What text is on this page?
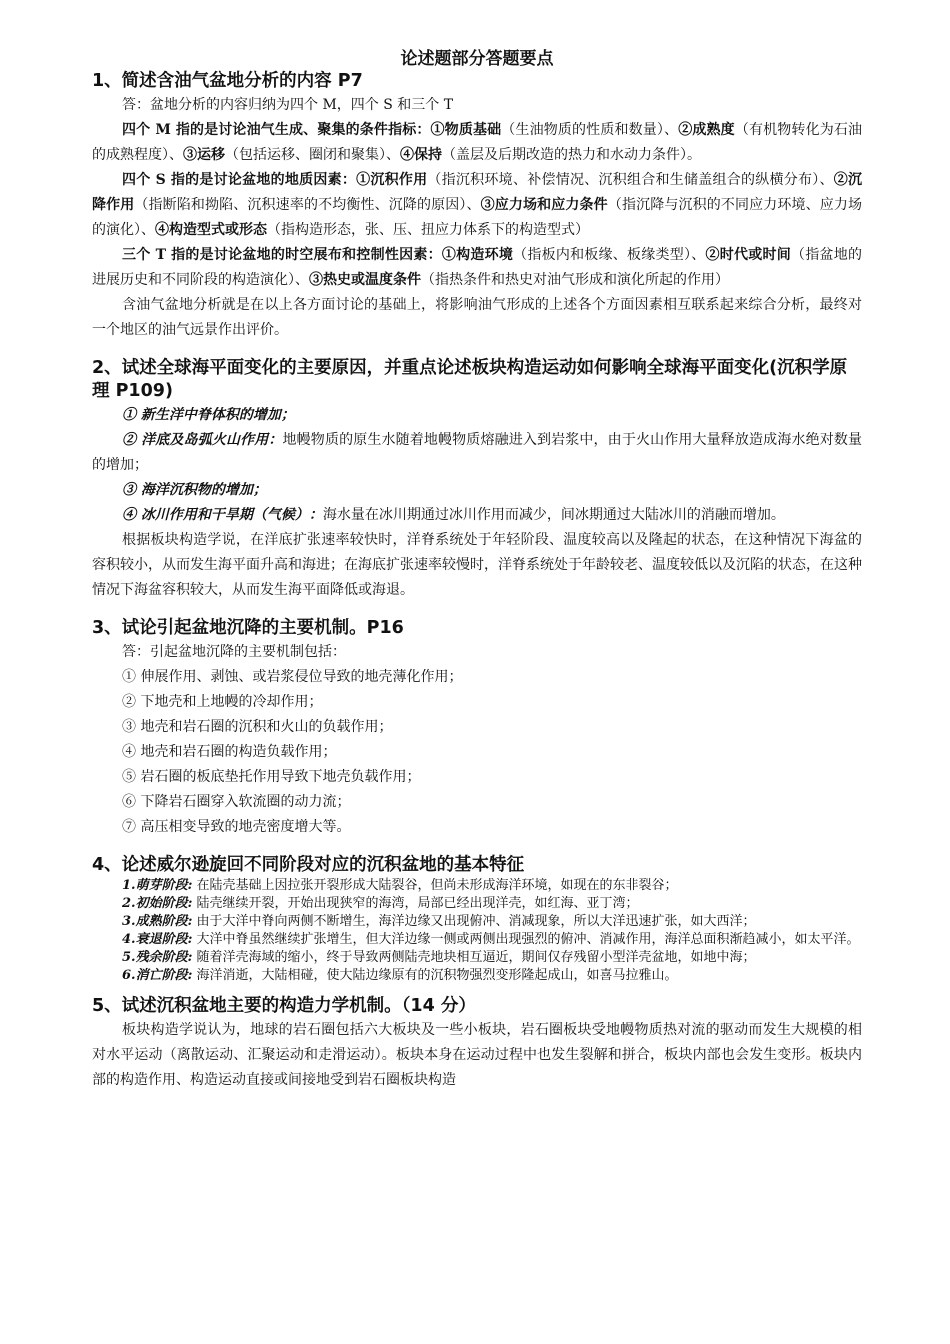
论述题部分答题要点

1、简述含油气盆地分析的内容 P7

答：盆地分析的内容归纳为四个 M，四个 S 和三个 T

四个 M 指的是讨论油气生成、聚集的条件指标：①物质基础（生油物质的性质和数量）、②成熟度（有机物转化为石油的成熟程度）、③运移（包括运移、圈闭和聚集）、④保持（盖层及后期改造的热力和水动力条件）。

四个 S 指的是讨论盆地的地质因素：①沉积作用（指沉积环境、补偿情况、沉积组合和生储盖组合的纵横分布）、②沉降作用（指断陷和拗陷、沉积速率的不均衡性、沉降的原因）、③应力场和应力条件（指沉降与沉积的不同应力环境、应力场的演化）、④构造型式或形态（指构造形态，张、压、扭应力体系下的构造型式）

三个 T 指的是讨论盆地的时空展布和控制性因素：①构造环境（指板内和板缘、板缘类型）、②时代或时间（指盆地的进展历史和不同阶段的构造演化）、③热史或温度条件（指热条件和热史对油气形成和演化所起的作用）

含油气盆地分析就是在以上各方面讨论的基础上，将影响油气形成的上述各个方面因素相互联系起来综合分析，最终对一个地区的油气远景作出评价。

2、试述全球海平面变化的主要原因，并重点论述板块构造运动如何影响全球海平面变化(沉积学原理 P109)

① 新生洋中脊体积的增加；

② 洋底及岛弧火山作用：地幔物质的原生水随着地幔物质熔融进入到岩浆中，由于火山作用大量释放造成海水绝对数量的增加；

③ 海洋沉积物的增加；

④ 冰川作用和干旱期（气候）：海水量在冰川期通过冰川作用而减少，间冰期通过大陆冰川的消融而增加。

根据板块构造学说，在洋底扩张速率较快时，洋脊系统处于年轻阶段、温度较高以及隆起的状态，在这种情况下海盆的容积较小，从而发生海平面升高和海进；在海底扩张速率较慢时，洋脊系统处于年龄较老、温度较低以及沉陷的状态，在这种情况下海盆容积较大，从而发生海平面降低或海退。

3、试论引起盆地沉降的主要机制。P16

答：引起盆地沉降的主要机制包括：

① 伸展作用、剥蚀、或岩浆侵位导致的地壳薄化作用；

② 下地壳和上地幔的冷却作用；

③ 地壳和岩石圈的沉积和火山的负载作用；

④ 地壳和岩石圈的构造负载作用；

⑤ 岩石圈的板底垫托作用导致下地壳负载作用；

⑥ 下降岩石圈穿入软流圈的动力流；

⑦ 高压相变导致的地壳密度增大等。

4、论述威尔逊旋回不同阶段对应的沉积盆地的基本特征

1.萌芽阶段: 在陆壳基础上因拉张开裂形成大陆裂谷，但尚未形成海洋环境，如现在的东非裂谷；

2.初始阶段: 陆壳继续开裂，开始出现狭窄的海湾，局部已经出现洋壳，如红海、亚丁湾；

3.成熟阶段: 由于大洋中脊向两侧不断增生，海洋边缘又出现俯冲、消减现象，所以大洋迅速扩张，如大西洋；

4.衰退阶段: 大洋中脊虽然继续扩张增生，但大洋边缘一侧或两侧出现强烈的俯冲、消减作用，海洋总面积渐趋减小，如太平洋。

5.残余阶段: 随着洋壳海域的缩小，终于导致两侧陆壳地块相互逼近，期间仅存残留小型洋壳盆地，如地中海；

6.消亡阶段: 海洋消逝，大陆相碰，使大陆边缘原有的沉积物强烈变形隆起成山，如喜马拉雅山。

5、试述沉积盆地主要的构造力学机制。（14 分）

板块构造学说认为，地球的岩石圈包括六大板块及一些小板块，岩石圈板块受地幔物质热对流的驱动而发生大规模的相对水平运动（离散运动、汇聚运动和走滑运动）。板块本身在运动过程中也发生裂解和拼合，板块内部也会发生变形。板块内部的构造作用、构造运动直接或间接地受到岩石圈板块构造
